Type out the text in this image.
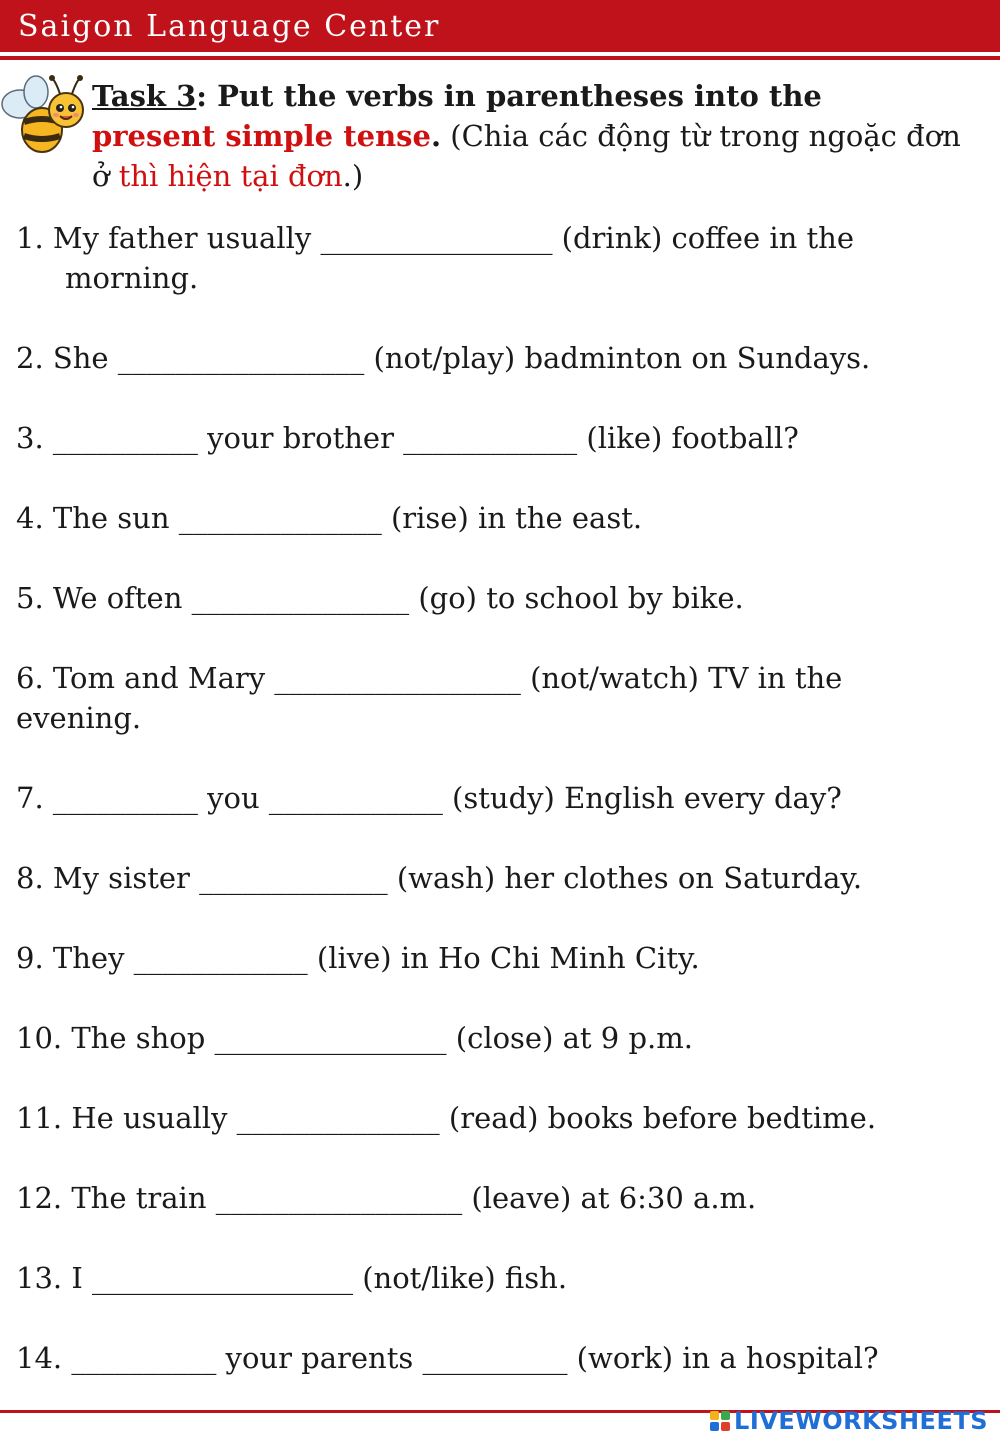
Saigon Language Center
Task 3: Put the verbs in parentheses into the
present simple tense. (Chia các động từ trong ngoặc đơn ở thì hiện tại đơn.)
1. My father usually ________________ (drink) coffee in the
morning.
2. She _________________ (not/play) badminton on Sundays.
3. __________ your brother ____________ (like) football?
4. The sun ______________ (rise) in the east.
5. We often _______________ (go) to school by bike.
6. Tom and Mary _________________ (not/watch) TV in the
evening.
7. __________ you ____________ (study) English every day?
8. My sister _____________ (wash) her clothes on Saturday.
9. They ____________ (live) in Ho Chi Minh City.
10. The shop ________________ (close) at 9 p.m.
11. He usually ______________ (read) books before bedtime.
12. The train _________________ (leave) at 6:30 a.m.
13. I __________________ (not/like) fish.
14. __________ your parents __________ (work) in a hospital?
LIVEWORKSHEETS
